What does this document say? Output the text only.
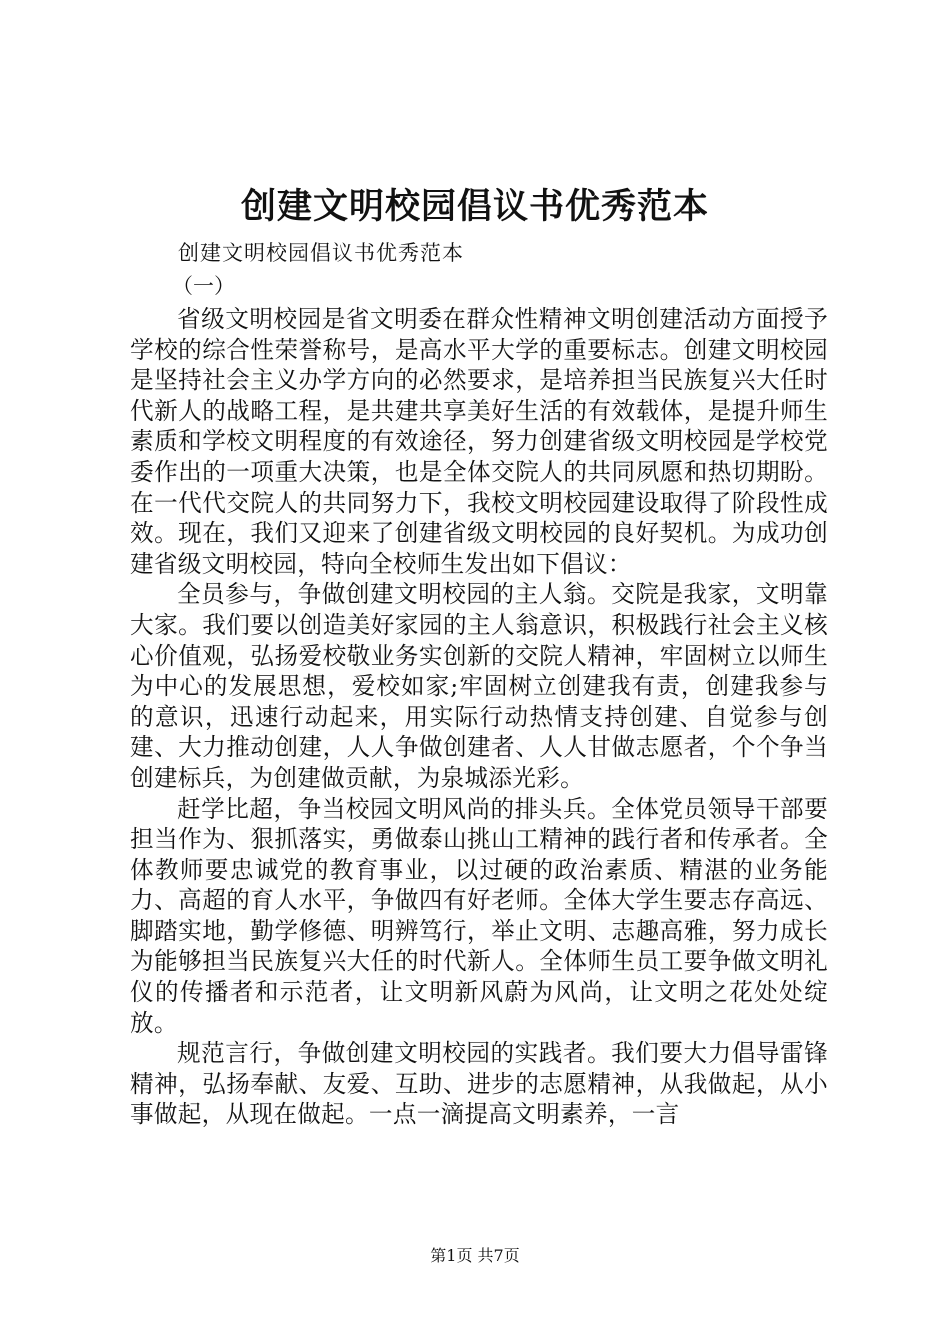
创建文明校园倡议书优秀范本
创建文明校园倡议书优秀范本
（一）

省级文明校园是省文明委在群众性精神文明创建活动方面授予学校的综合性荣誉称号，是高水平大学的重要标志。创建文明校园是坚持社会主义办学方向的必然要求，是培养担当民族复兴大任时代新人的战略工程，是共建共享美好生活的有效载体，是提升师生素质和学校文明程度的有效途径，努力创建省级文明校园是学校党委作出的一项重大决策，也是全体交院人的共同夙愿和热切期盼。在一代代交院人的共同努力下，我校文明校园建设取得了阶段性成效。现在，我们又迎来了创建省级文明校园的良好契机。为成功创建省级文明校园，特向全校师生发出如下倡议：

全员参与，争做创建文明校园的主人翁。交院是我家，文明靠大家。我们要以创造美好家园的主人翁意识，积极践行社会主义核心价值观，弘扬爱校敬业务实创新的交院人精神，牢固树立以师生为中心的发展思想，爱校如家;牢固树立创建我有责，创建我参与的意识，迅速行动起来，用实际行动热情支持创建、自觉参与创建、大力推动创建，人人争做创建者、人人甘做志愿者，个个争当创建标兵，为创建做贡献，为泉城添光彩。

赶学比超，争当校园文明风尚的排头兵。全体党员领导干部要担当作为、狠抓落实，勇做泰山挑山工精神的践行者和传承者。全体教师要忠诚党的教育事业，以过硬的政治素质、精湛的业务能力、高超的育人水平，争做四有好老师。全体大学生要志存高远、脚踏实地，勤学修德、明辨笃行，举止文明、志趣高雅，努力成长为能够担当民族复兴大任的时代新人。全体师生员工要争做文明礼仪的传播者和示范者，让文明新风蔚为风尚，让文明之花处处绽放。

规范言行，争做创建文明校园的实践者。我们要大力倡导雷锋精神，弘扬奉献、友爱、互助、进步的志愿精神，从我做起，从小事做起，从现在做起。一点一滴提高文明素养，一言

第1页 共7页
